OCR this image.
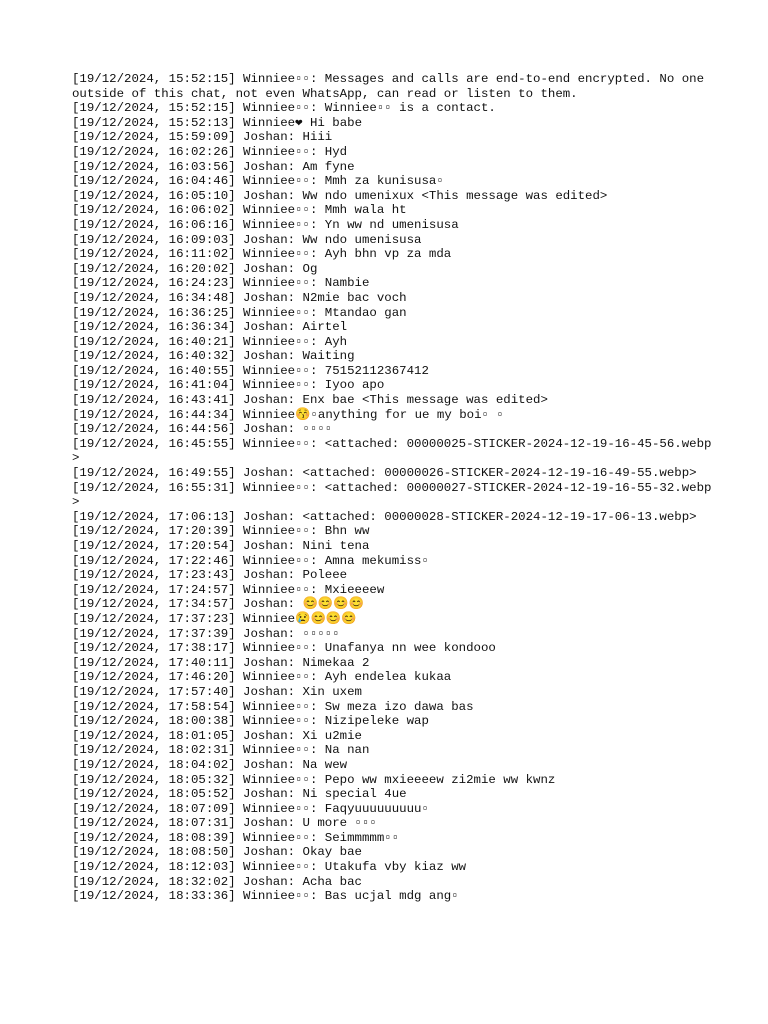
[19/12/2024, 15:52:15] Winniee▫▫: Messages and calls are end-to-end encrypted. No one outside of this chat, not even WhatsApp, can read or listen to them.
[19/12/2024, 15:52:15] Winniee▫▫: Winniee▫▫ is a contact.
[19/12/2024, 15:52:13] Winniee❤ Hi babe
[19/12/2024, 15:59:09] Joshan: Hiii
[19/12/2024, 16:02:26] Winniee▫▫: Hyd
[19/12/2024, 16:03:56] Joshan: Am fyne
[19/12/2024, 16:04:46] Winniee▫▫: Mmh za kunisusa▫
[19/12/2024, 16:05:10] Joshan: Ww ndo umenixux <This message was edited>
[19/12/2024, 16:06:02] Winniee▫▫: Mmh wala ht
[19/12/2024, 16:06:16] Winniee▫▫: Yn ww nd umenisusa
[19/12/2024, 16:09:03] Joshan: Ww ndo umenisusa
[19/12/2024, 16:11:02] Winniee▫▫: Ayh bhn vp za mda
[19/12/2024, 16:20:02] Joshan: Og
[19/12/2024, 16:24:23] Winniee▫▫: Nambie
[19/12/2024, 16:34:48] Joshan: N2mie bac voch
[19/12/2024, 16:36:25] Winniee▫▫: Mtandao gan
[19/12/2024, 16:36:34] Joshan: Airtel
[19/12/2024, 16:40:21] Winniee▫▫: Ayh
[19/12/2024, 16:40:32] Joshan: Waiting
[19/12/2024, 16:40:55] Winniee▫▫: 75152112367412
[19/12/2024, 16:41:04] Winniee▫▫: Iyoo apo
[19/12/2024, 16:43:41] Joshan: Enx bae <This message was edited>
[19/12/2024, 16:44:34] Winniee😚▫anything for ue my boi▫ ▫
[19/12/2024, 16:44:56] Joshan: ▫▫▫▫
[19/12/2024, 16:45:55] Winniee▫▫: <attached: 00000025-STICKER-2024-12-19-16-45-56.webp>
[19/12/2024, 16:49:55] Joshan: <attached: 00000026-STICKER-2024-12-19-16-49-55.webp>
[19/12/2024, 16:55:31] Winniee▫▫: <attached: 00000027-STICKER-2024-12-19-16-55-32.webp>
[19/12/2024, 17:06:13] Joshan: <attached: 00000028-STICKER-2024-12-19-17-06-13.webp>
[19/12/2024, 17:20:39] Winniee▫▫: Bhn ww
[19/12/2024, 17:20:54] Joshan: Nini tena
[19/12/2024, 17:22:46] Winniee▫▫: Amna mekumiss▫
[19/12/2024, 17:23:43] Joshan: Poleee
[19/12/2024, 17:24:57] Winniee▫▫: Mxieeeew
[19/12/2024, 17:34:57] Joshan: 😊😊😊😊
[19/12/2024, 17:37:23] Winniee😢😊😊😊
[19/12/2024, 17:37:39] Joshan: ▫▫▫▫▫
[19/12/2024, 17:38:17] Winniee▫▫: Unafanya nn wee kondooo
[19/12/2024, 17:40:11] Joshan: Nimekaa 2
[19/12/2024, 17:46:20] Winniee▫▫: Ayh endelea kukaa
[19/12/2024, 17:57:40] Joshan: Xin uxem
[19/12/2024, 17:58:54] Winniee▫▫: Sw meza izo dawa bas
[19/12/2024, 18:00:38] Winniee▫▫: Nizipeleke wap
[19/12/2024, 18:01:05] Joshan: Xi u2mie
[19/12/2024, 18:02:31] Winniee▫▫: Na nan
[19/12/2024, 18:04:02] Joshan: Na wew
[19/12/2024, 18:05:32] Winniee▫▫: Pepo ww mxieeeew zi2mie ww kwnz
[19/12/2024, 18:05:52] Joshan: Ni special 4ue
[19/12/2024, 18:07:09] Winniee▫▫: Faqyuuuuuuuuu▫
[19/12/2024, 18:07:31] Joshan: U more ▫▫▫
[19/12/2024, 18:08:39] Winniee▫▫: Seimmmmm▫▫
[19/12/2024, 18:08:50] Joshan: Okay bae
[19/12/2024, 18:12:03] Winniee▫▫: Utakufa vby kiaz ww
[19/12/2024, 18:32:02] Joshan: Acha bac
[19/12/2024, 18:33:36] Winniee▫▫: Bas ucjal mdg ang▫
